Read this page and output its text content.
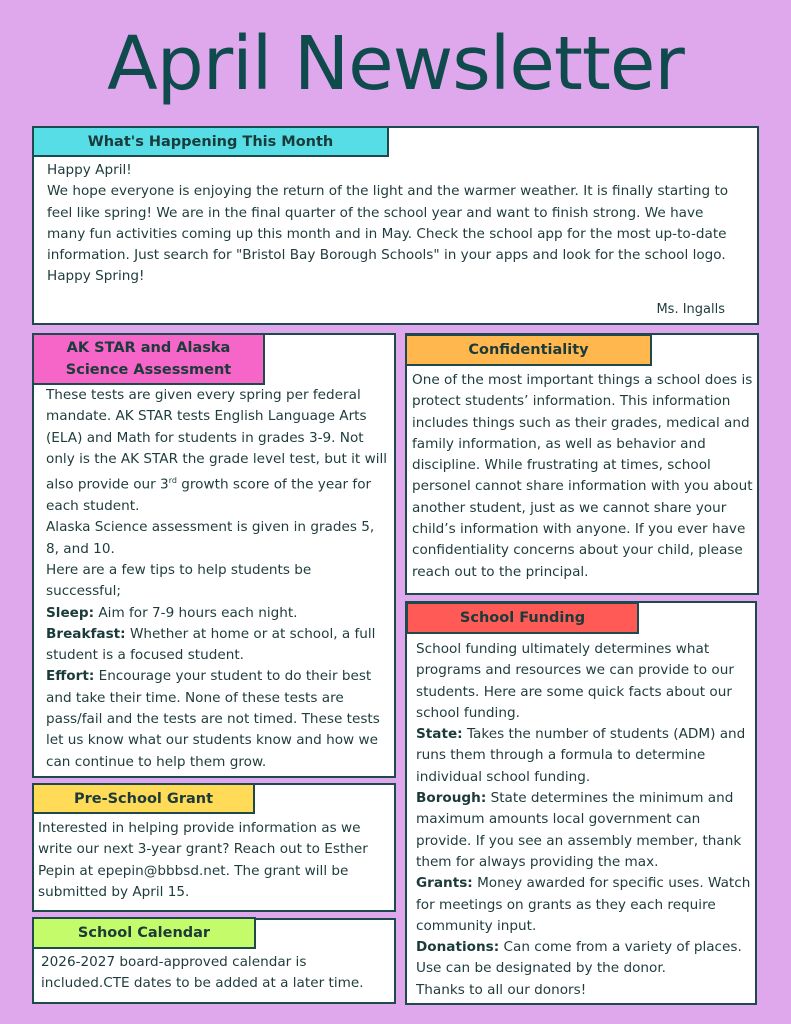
April Newsletter
What's Happening This Month

Happy April!

We hope everyone is enjoying the return of the light and the warmer weather. It is finally starting to feel like spring! We are in the final quarter of the school year and want to finish strong. We have many fun activities coming up this month and in May. Check the school app for the most up-to-date information. Just search for "Bristol Bay Borough Schools" in your apps and look for the school logo.

Happy Spring!

Ms. Ingalls

AK STAR and Alaska Science Assessment

These tests are given every spring per federal mandate. AK STAR tests English Language Arts (ELA) and Math for students in grades 3-9. Not only is the AK STAR the grade level test, but it will also provide our 3rd growth score of the year for each student.

Alaska Science assessment is given in grades 5, 8, and 10.

Here are a few tips to help students be successful;

Sleep: Aim for 7-9 hours each night.

Breakfast: Whether at home or at school, a full student is a focused student.

Effort: Encourage your student to do their best and take their time. None of these tests are pass/fail and the tests are not timed. These tests let us know what our students know and how we can continue to help them grow.

Confidentiality

One of the most important things a school does is protect students’ information. This information includes things such as their grades, medical and family information, as well as behavior and discipline. While frustrating at times, school personel cannot share information with you about another student, just as we cannot share your child’s information with anyone. If you ever have confidentiality concerns about your child, please reach out to the principal.

School Funding

School funding ultimately determines what programs and resources we can provide to our students. Here are some quick facts about our school funding.

State: Takes the number of students (ADM) and runs them through a formula to determine individual school funding.

Borough: State determines the minimum and maximum amounts local government can provide. If you see an assembly member, thank them for always providing the max.

Grants: Money awarded for specific uses. Watch for meetings on grants as they each require community input.

Donations: Can come from a variety of places. Use can be designated by the donor.

Thanks to all our donors!

Pre-School Grant

Interested in helping provide information as we write our next 3-year grant? Reach out to Esther Pepin at epepin@bbbsd.net. The grant will be submitted by April 15.

School Calendar

2026-2027 board-approved calendar is included.CTE dates to be added at a later time.
